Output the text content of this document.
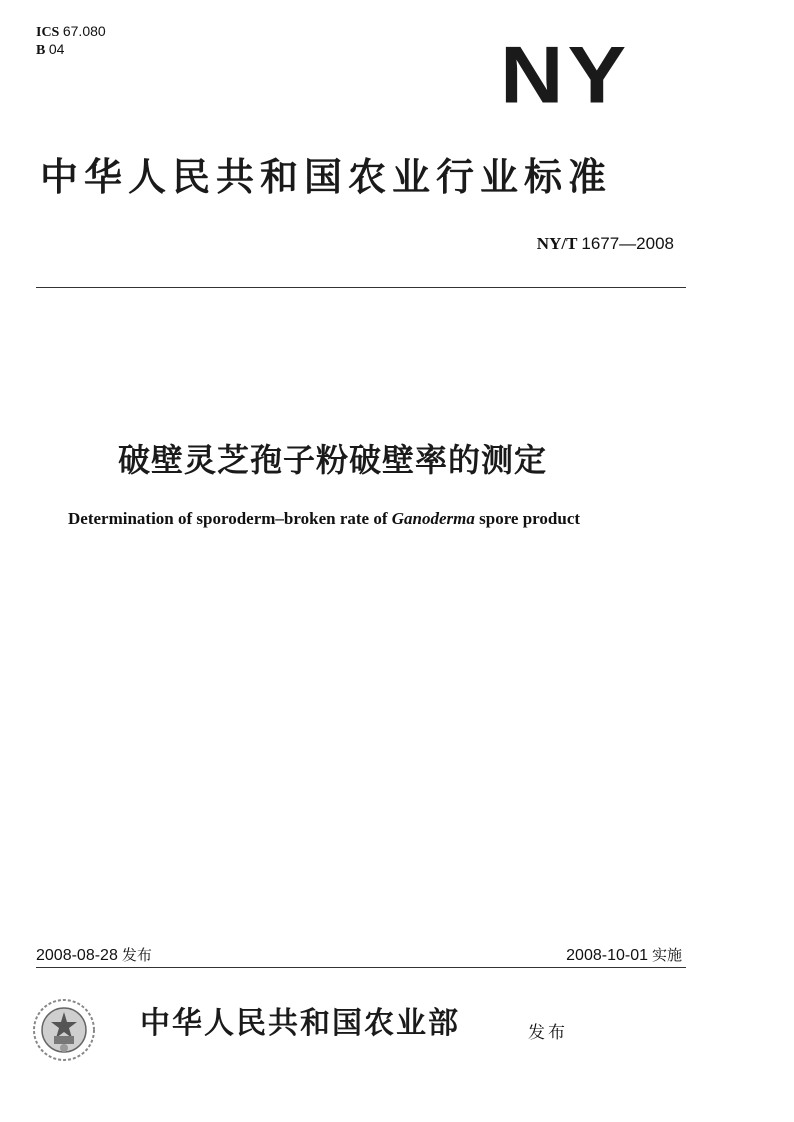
ICS 67.080
B 04	NY
中华人民共和国农业行业标准
NY/T 1677—2008
破壁灵芝孢子粉破壁率的测定
Determination of sporoderm–broken rate of Ganoderma spore product
2008-08-28 发布	2008-10-01 实施
中华人民共和国农业部	发布
